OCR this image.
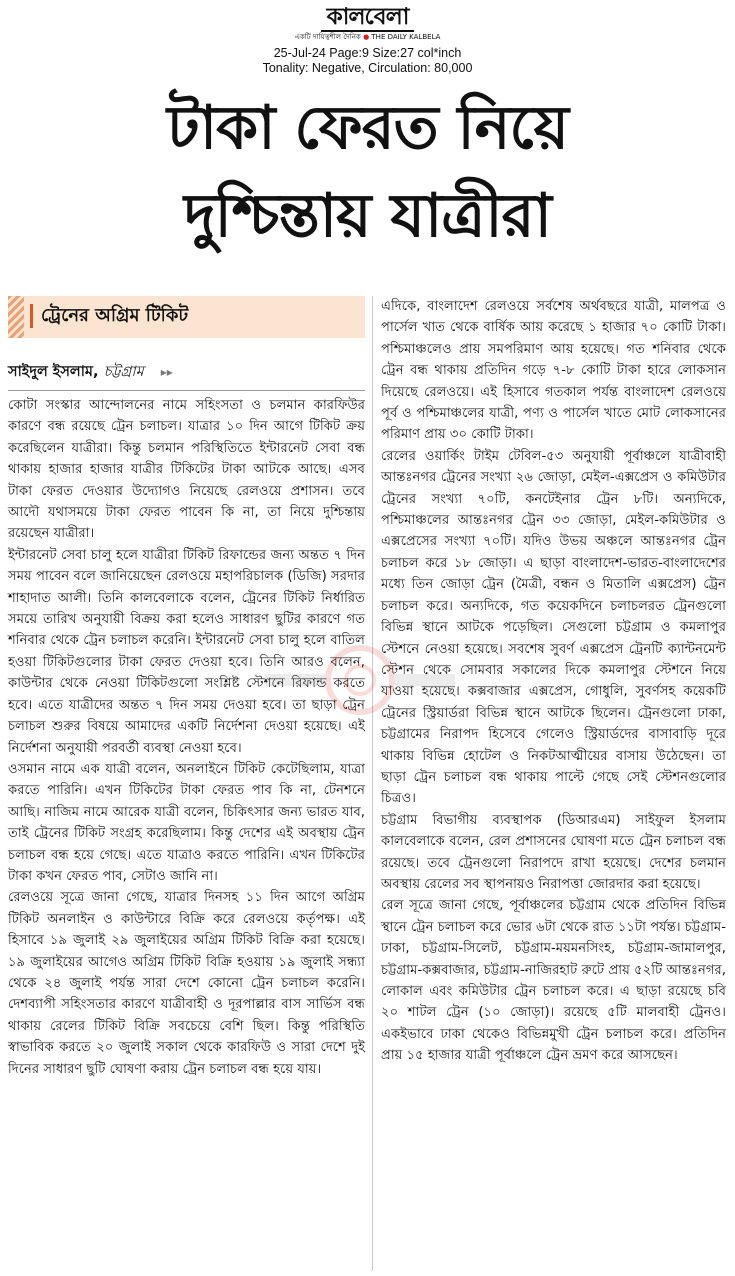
কালবেলা
একটি দায়িত্বশীল দৈনিক ● THE DAILY KALBELA
25-Jul-24 Page:9 Size:27 col*inch
Tonality: Negative, Circulation: 80,000
টাকা ফেরত নিয়ে
দুশ্চিন্তায় যাত্রীরা
ট্রেনের অগ্রিম টিকিট
সাইদুল ইসলাম, চট্টগ্রাম ▸▸

কোটা সংস্কার আন্দোলনের নামে সহিংসতা ও চলমান কারফিউর কারণে বন্ধ রয়েছে ট্রেন চলাচল। যাত্রার ১০ দিন আগে টিকিট ক্রয় করেছিলেন যাত্রীরা। কিন্তু চলমান পরিস্থিতিতে ইন্টারনেট সেবা বন্ধ থাকায় হাজার হাজার যাত্রীর টিকিটের টাকা আটকে আছে। এসব টাকা ফেরত দেওয়ার উদ্যোগও নিয়েছে রেলওয়ে প্রশাসন। তবে আদৌ যথাসময়ে টাকা ফেরত পাবেন কি না, তা নিয়ে দুশ্চিন্তায় রয়েছেন যাত্রীরা।

ইন্টারনেট সেবা চালু হলে যাত্রীরা টিকিট রিফান্ডের জন্য অন্তত ৭ দিন সময় পাবেন বলে জানিয়েছেন রেলওয়ে মহাপরিচালক (ডিজি) সরদার শাহাদাত আলী। তিনি কালবেলাকে বলেন, ট্রেনের টিকিট নির্ধারিত সময়ে তারিখ অনুযায়ী বিক্রয় করা হলেও সাধারণ ছুটির কারণে গত শনিবার থেকে ট্রেন চলাচল করেনি। ইন্টারনেট সেবা চালু হলে বাতিল হওয়া টিকিটগুলোর টাকা ফেরত দেওয়া হবে। তিনি আরও বলেন, কাউন্টার থেকে নেওয়া টিকিটগুলো সংশ্লিষ্ট স্টেশনে রিফান্ড করতে হবে। এতে যাত্রীদের অন্তত ৭ দিন সময় দেওয়া হবে। তা ছাড়া ট্রেন চলাচল শুরুর বিষয়ে আমাদের একটি নির্দেশনা দেওয়া হয়েছে। এই নির্দেশনা অনুযায়ী পরবর্তী ব্যবস্থা নেওয়া হবে।

ওসমান নামে এক যাত্রী বলেন, অনলাইনে টিকিট কেটেছিলাম, যাত্রা করতে পারিনি। এখন টিকিটের টাকা ফেরত পাব কি না, টেনশনে আছি। নাজিম নামে আরেক যাত্রী বলেন, চিকিৎসার জন্য ভারত যাব, তাই ট্রেনের টিকিট সংগ্রহ করেছিলাম। কিন্তু দেশের এই অবস্থায় ট্রেন চলাচল বন্ধ হয়ে গেছে। এতে যাত্রাও করতে পারিনি। এখন টিকিটের টাকা কখন ফেরত পাব, সেটাও জানি না।

রেলওয়ে সূত্রে জানা গেছে, যাত্রার দিনসহ ১১ দিন আগে অগ্রিম টিকিট অনলাইন ও কাউন্টারে বিক্রি করে রেলওয়ে কর্তৃপক্ষ। এই হিসাবে ১৯ জুলাই ২৯ জুলাইয়ের অগ্রিম টিকিট বিক্রি করা হয়েছে। ১৯ জুলাইয়ের আগেও অগ্রিম টিকিট বিক্রি হওয়ায় ১৯ জুলাই সন্ধ্যা থেকে ২৪ জুলাই পর্যন্ত সারা দেশে কোনো ট্রেন চলাচল করেনি। দেশব্যাপী সহিংসতার কারণে যাত্রীবাহী ও দূরপাল্লার বাস সার্ভিস বন্ধ থাকায় রেলের টিকিট বিক্রি সবচেয়ে বেশি ছিল। কিন্তু পরিস্থিতি স্বাভাবিক করতে ২০ জুলাই সকাল থেকে কারফিউ ও সারা দেশে দুই দিনের সাধারণ ছুটি ঘোষণা করায় ট্রেন চলাচল বন্ধ হয়ে যায়।

এদিকে, বাংলাদেশ রেলওয়ে সর্বশেষ অর্থবছরে যাত্রী, মালপত্র ও পার্সেল খাত থেকে বার্ষিক আয় করেছে ১ হাজার ৭০ কোটি টাকা। পশ্চিমাঞ্চলেও প্রায় সমপরিমাণ আয় হয়েছে। গত শনিবার থেকে ট্রেন বন্ধ থাকায় প্রতিদিন গড়ে ৭-৮ কোটি টাকা হারে লোকসান দিয়েছে রেলওয়ে। এই হিসাবে গতকাল পর্যন্ত বাংলাদেশ রেলওয়ে পূর্ব ও পশ্চিমাঞ্চলের যাত্রী, পণ্য ও পার্সেল খাতে মোট লোকসানের পরিমাণ প্রায় ৩০ কোটি টাকা।

রেলের ওয়ার্কিং টাইম টেবিল-৫৩ অনুযায়ী পূর্বাঞ্চলে যাত্রীবাহী আন্তঃনগর ট্রেনের সংখ্যা ২৬ জোড়া, মেইল-এক্সপ্রেস ও কমিউটার ট্রেনের সংখ্যা ৭০টি, কনটেইনার ট্রেন ৮টি। অন্যদিকে, পশ্চিমাঞ্চলের আন্তঃনগর ট্রেন ৩৩ জোড়া, মেইল-কমিউটার ও এক্সপ্রেসের সংখ্যা ৭০টি। যদিও উভয় অঞ্চলে আন্তঃনগর ট্রেন চলাচল করে ১৮ জোড়া। এ ছাড়া বাংলাদেশ-ভারত-বাংলাদেশের মধ্যে তিন জোড়া ট্রেন (মৈত্রী, বন্ধন ও মিতালি এক্সপ্রেস) ট্রেন চলাচল করে। অন্যদিকে, গত কয়েকদিনে চলাচলরত ট্রেনগুলো বিভিন্ন স্থানে আটকে পড়েছিল। সেগুলো চট্টগ্রাম ও কমলাপুর স্টেশনে নেওয়া হয়েছে। সবশেষ সুবর্ণ এক্সপ্রেস ট্রেনটি ক্যান্টনমেন্ট স্টেশন থেকে সোমবার সকালের দিকে কমলাপুর স্টেশনে নিয়ে যাওয়া হয়েছে। কক্সবাজার এক্সপ্রেস, গোধুলি, সুবর্ণসহ কয়েকটি ট্রেনের স্ট্রিয়ার্ডরা বিভিন্ন স্থানে আটকে ছিলেন। ট্রেনগুলো ঢাকা, চট্টগ্রামের নিরাপদ হিসেবে গেলেও স্ট্রিয়ার্ডদের বাসাবাড়ি দূরে থাকায় বিভিন্ন হোটেল ও নিকটআত্মীয়ের বাসায় উঠেছেন। তা ছাড়া ট্রেন চলাচল বন্ধ থাকায় পাল্টে গেছে সেই স্টেশনগুলোর চিত্রও।

চট্টগ্রাম বিভাগীয় ব্যবস্থাপক (ডিআরএম) সাইফুল ইসলাম কালবেলাকে বলেন, রেল প্রশাসনের ঘোষণা মতে ট্রেন চলাচল বন্ধ রয়েছে। তবে ট্রেনগুলো নিরাপদে রাখা হয়েছে। দেশের চলমান অবস্থায় রেলের সব স্থাপনায়ও নিরাপত্তা জোরদার করা হয়েছে।

রেল সূত্রে জানা গেছে, পূর্বাঞ্চলের চট্টগ্রাম থেকে প্রতিদিন বিভিন্ন স্থানে ট্রেন চলাচল করে ভোর ৬টা থেকে রাত ১১টা পর্যন্ত। চট্টগ্রাম-ঢাকা, চট্টগ্রাম-সিলেট, চট্টগ্রাম-ময়মনসিংহ, চট্টগ্রাম-জামালপুর, চট্টগ্রাম-কক্সবাজার, চট্টগ্রাম-নাজিরহাট রুটে প্রায় ৫২টি আন্তঃনগর, লোকাল এবং কমিউটার ট্রেন চলাচল করে। এ ছাড়া রয়েছে চবি ২০ শাটল ট্রেন (১০ জোড়া)। রয়েছে ৫টি মালবাহী ট্রেনও। একইভাবে ঢাকা থেকেও বিভিন্নমুখী ট্রেন চলাচল করে। প্রতিদিন প্রায় ১৫ হাজার যাত্রী পূর্বাঞ্চলে ট্রেন ভ্রমণ করে আসছেন।
